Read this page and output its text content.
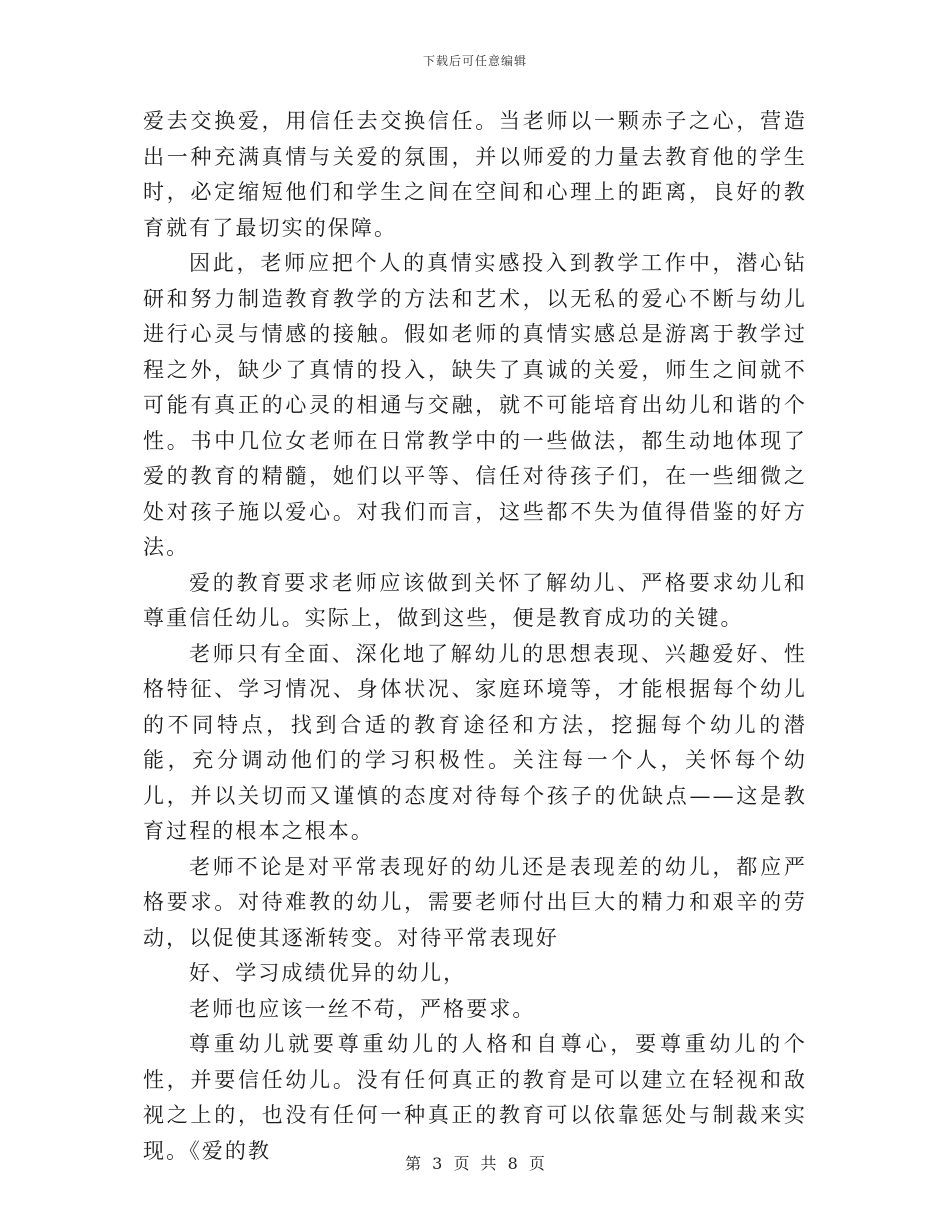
下载后可任意编辑

爱去交换爱，用信任去交换信任。当老师以一颗赤子之心，营造出一种充满真情与关爱的氛围，并以师爱的力量去教育他的学生时，必定缩短他们和学生之间在空间和心理上的距离，良好的教育就有了最切实的保障。

因此，老师应把个人的真情实感投入到教学工作中，潜心钻研和努力制造教育教学的方法和艺术，以无私的爱心不断与幼儿进行心灵与情感的接触。假如老师的真情实感总是游离于教学过程之外，缺少了真情的投入，缺失了真诚的关爱，师生之间就不可能有真正的心灵的相通与交融，就不可能培育出幼儿和谐的个性。书中几位女老师在日常教学中的一些做法，都生动地体现了爱的教育的精髓，她们以平等、信任对待孩子们，在一些细微之处对孩子施以爱心。对我们而言，这些都不失为值得借鉴的好方法。

爱的教育要求老师应该做到关怀了解幼儿、严格要求幼儿和尊重信任幼儿。实际上，做到这些，便是教育成功的关键。

老师只有全面、深化地了解幼儿的思想表现、兴趣爱好、性格特征、学习情况、身体状况、家庭环境等，才能根据每个幼儿的不同特点，找到合适的教育途径和方法，挖掘每个幼儿的潜能，充分调动他们的学习积极性。关注每一个人，关怀每个幼儿，并以关切而又谨慎的态度对待每个孩子的优缺点——这是教育过程的根本之根本。

老师不论是对平常表现好的幼儿还是表现差的幼儿，都应严格要求。对待难教的幼儿，需要老师付出巨大的精力和艰辛的劳动，以促使其逐渐转变。对待平常表现好

好、学习成绩优异的幼儿，

老师也应该一丝不苟，严格要求。

尊重幼儿就要尊重幼儿的人格和自尊心，要尊重幼儿的个性，并要信任幼儿。没有任何真正的教育是可以建立在轻视和敌视之上的，也没有任何一种真正的教育可以依靠惩处与制裁来实现。《爱的教

第 3 页 共 8 页
